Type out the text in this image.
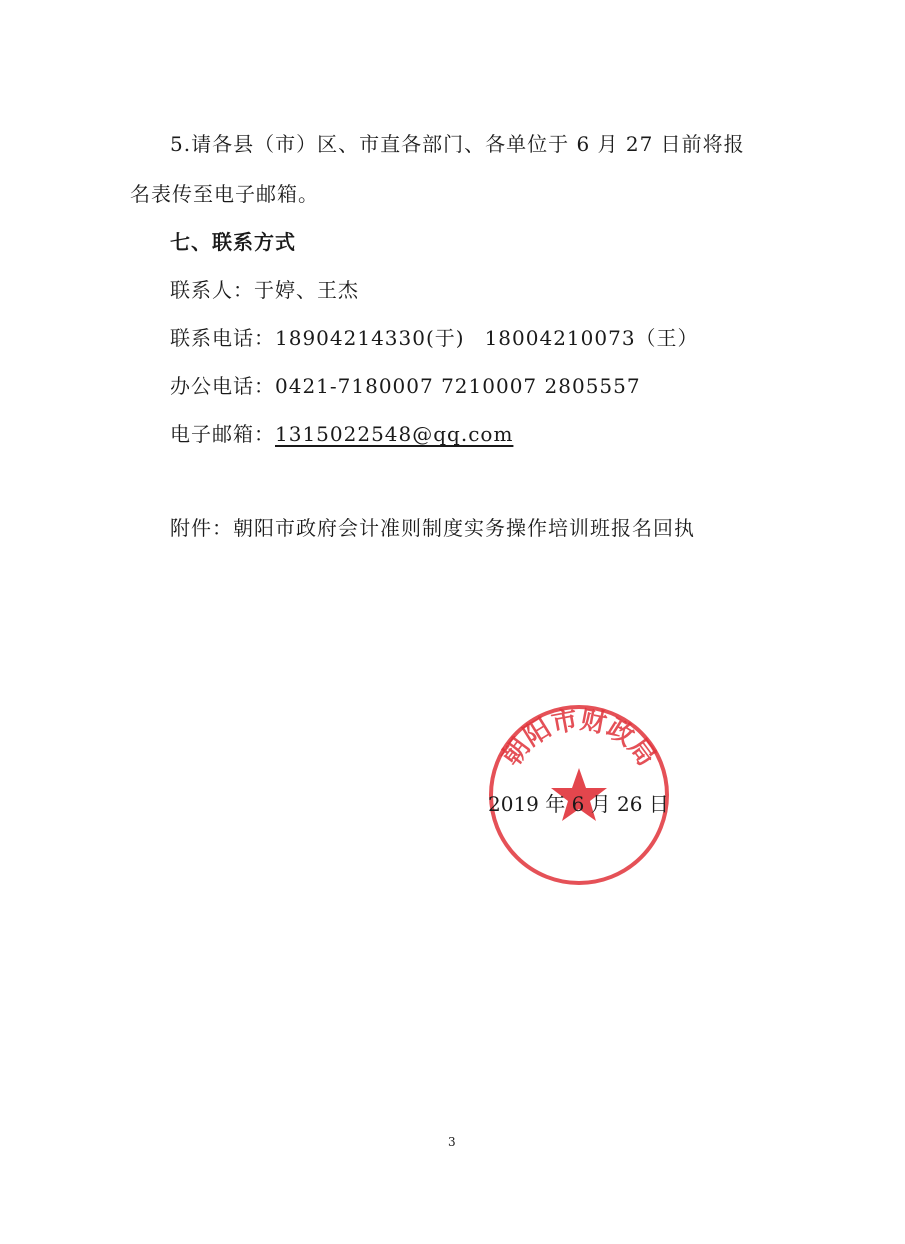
5.请各县（市）区、市直各部门、各单位于 6 月 27 日前将报
名表传至电子邮箱。
七、联系方式
联系人：于婷、王杰
联系电话：18904214330(于) 18004210073（王）
办公电话：0421-7180007 7210007 2805557
电子邮箱：1315022548@qq.com
附件：朝阳市政府会计准则制度实务操作培训班报名回执
朝阳市财政局
2019 年 6 月 26 日
3
